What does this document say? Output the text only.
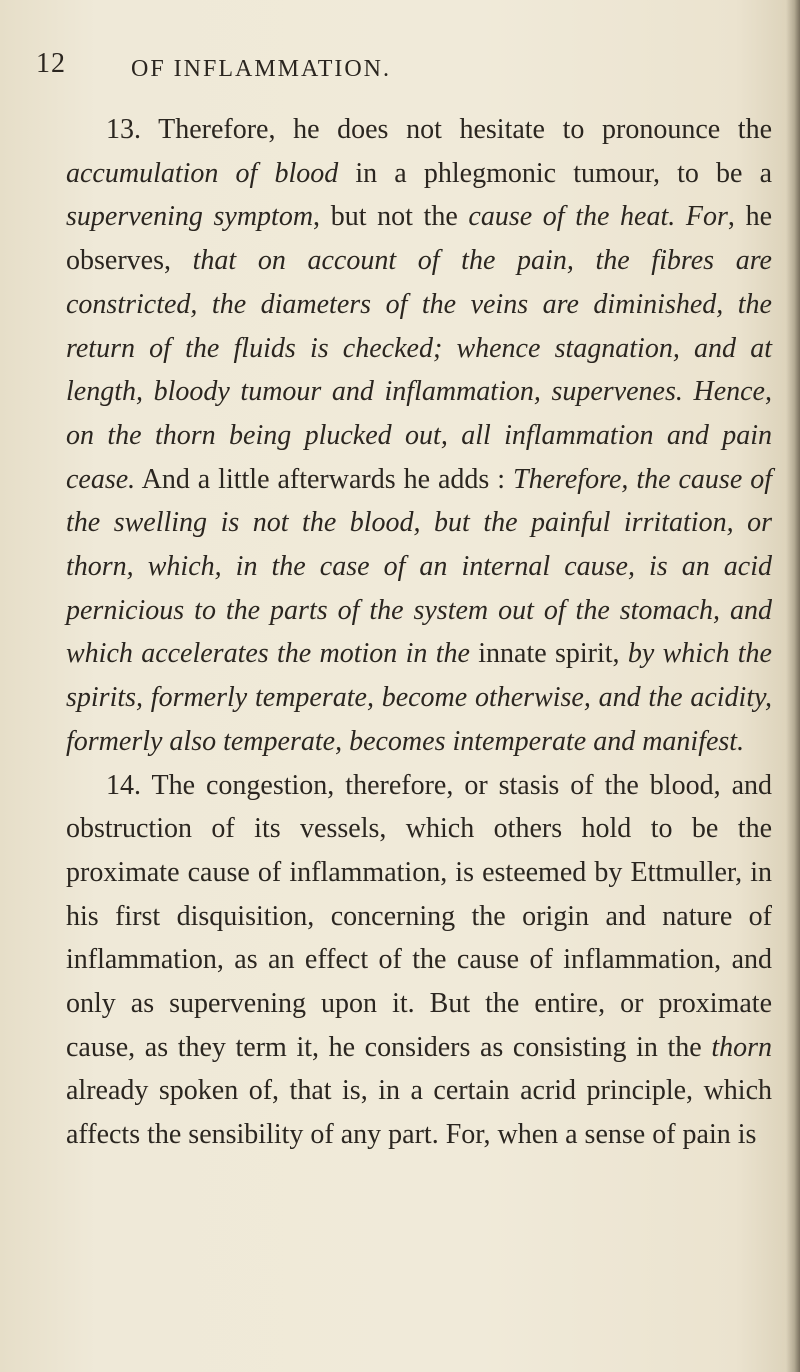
12	OF INFLAMMATION.

13. Therefore, he does not hesitate to pronounce the accumulation of blood in a phlegmonic tumour, to be a supervening symptom, but not the cause of the heat. For, he observes, that on account of the pain, the fibres are constricted, the diameters of the veins are diminished, the return of the fluids is checked; whence stagnation, and at length, bloody tumour and inflammation, supervenes. Hence, on the thorn being plucked out, all inflammation and pain cease. And a little afterwards he adds : Therefore, the cause of the swelling is not the blood, but the painful irritation, or thorn, which, in the case of an internal cause, is an acid pernicious to the parts of the system out of the stomach, and which accelerates the motion in the innate spirit, by which the spirits, formerly temperate, become otherwise, and the acidity, formerly also temperate, becomes intemperate and manifest.

14. The congestion, therefore, or stasis of the blood, and obstruction of its vessels, which others hold to be the proximate cause of inflammation, is esteemed by Ettmuller, in his first disquisition, concerning the origin and nature of inflammation, as an effect of the cause of inflammation, and only as supervening upon it. But the entire, or proximate cause, as they term it, he considers as consisting in the thorn already spoken of, that is, in a certain acrid principle, which affects the sensibility of any part. For, when a sense of pain is
